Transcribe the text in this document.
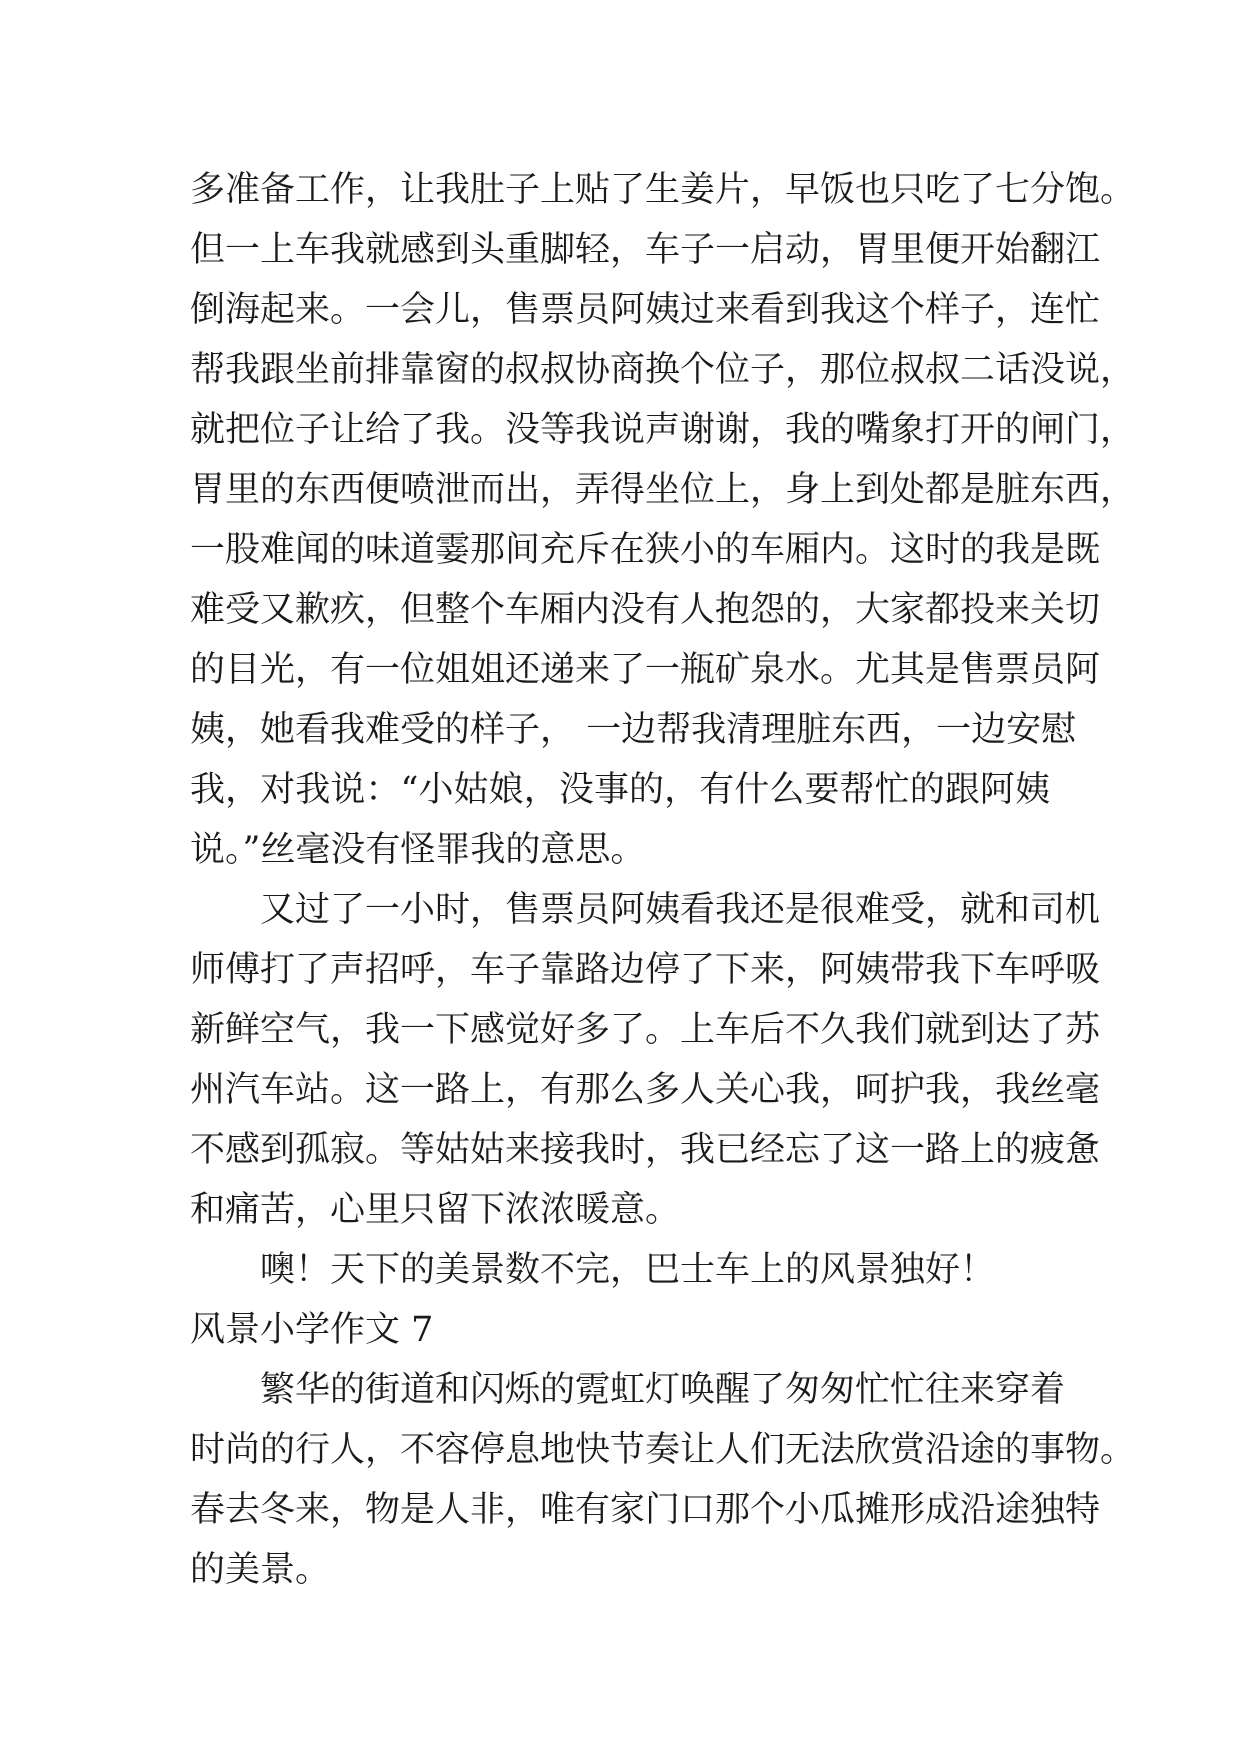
多准备工作，让我肚子上贴了生姜片，早饭也只吃了七分饱。
但一上车我就感到头重脚轻，车子一启动，胃里便开始翻江
倒海起来。一会儿，售票员阿姨过来看到我这个样子，连忙
帮我跟坐前排靠窗的叔叔协商换个位子，那位叔叔二话没说，
就把位子让给了我。没等我说声谢谢，我的嘴象打开的闸门，
胃里的东西便喷泄而出，弄得坐位上，身上到处都是脏东西，
一股难闻的味道霎那间充斥在狭小的车厢内。这时的我是既
难受又歉疚，但整个车厢内没有人抱怨的，大家都投来关切
的目光，有一位姐姐还递来了一瓶矿泉水。尤其是售票员阿
姨，她看我难受的样子， 一边帮我清理脏东西，一边安慰
我，对我说：“小姑娘，没事的，有什么要帮忙的跟阿姨
说。”丝毫没有怪罪我的意思。
又过了一小时，售票员阿姨看我还是很难受，就和司机
师傅打了声招呼，车子靠路边停了下来，阿姨带我下车呼吸
新鲜空气，我一下感觉好多了。上车后不久我们就到达了苏
州汽车站。这一路上，有那么多人关心我，呵护我，我丝毫
不感到孤寂。等姑姑来接我时，我已经忘了这一路上的疲惫
和痛苦，心里只留下浓浓暖意。
噢！天下的美景数不完，巴士车上的风景独好！
风景小学作文 7
繁华的街道和闪烁的霓虹灯唤醒了匆匆忙忙往来穿着
时尚的行人，不容停息地快节奏让人们无法欣赏沿途的事物。
春去冬来，物是人非，唯有家门口那个小瓜摊形成沿途独特
的美景。
